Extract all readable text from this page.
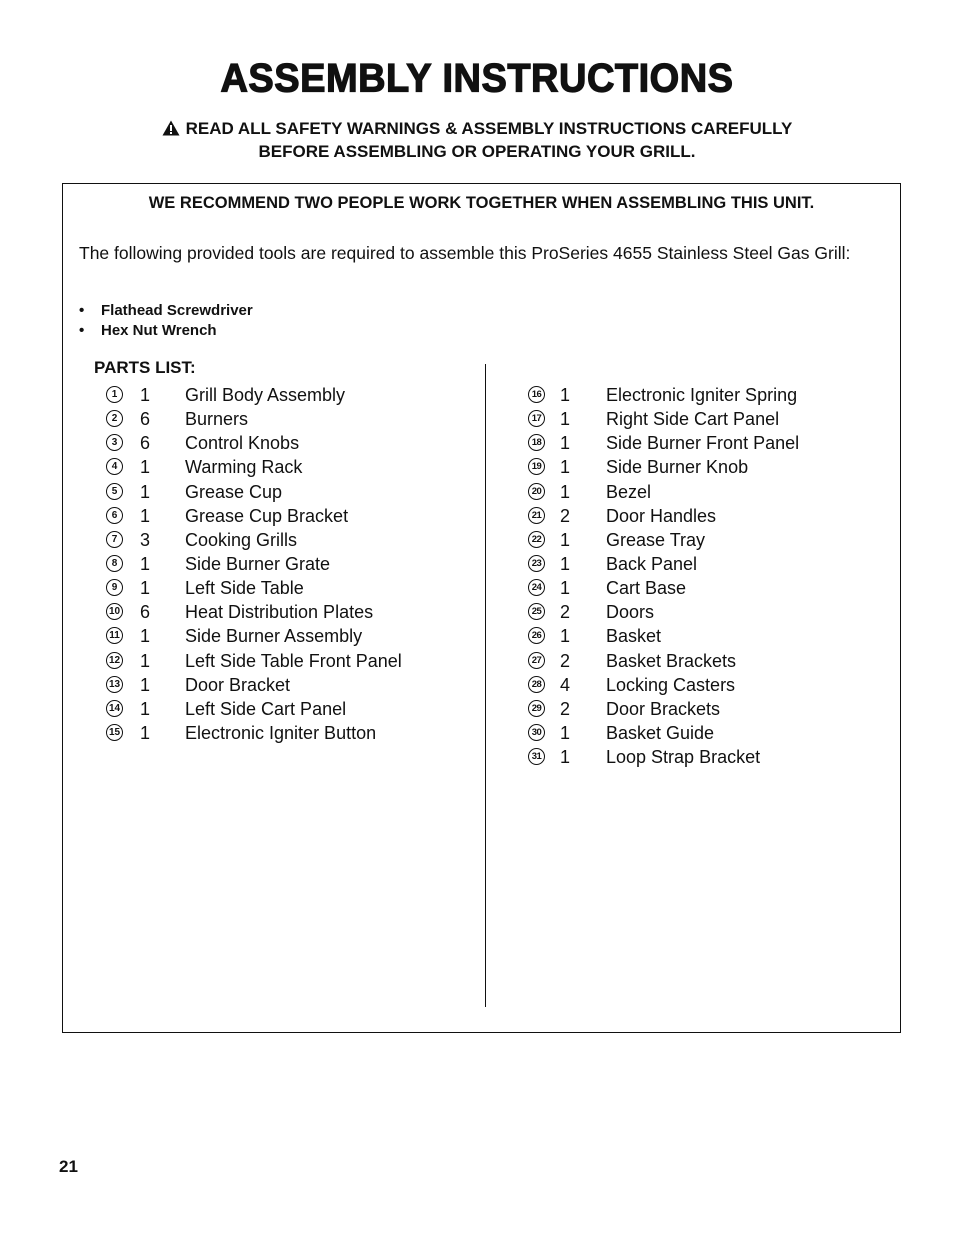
ASSEMBLY INSTRUCTIONS
READ ALL SAFETY WARNINGS & ASSEMBLY INSTRUCTIONS CAREFULLY
BEFORE ASSEMBLING OR OPERATING YOUR GRILL.
WE RECOMMEND TWO PEOPLE WORK TOGETHER WHEN ASSEMBLING THIS UNIT.
The following provided tools are required to assemble this ProSeries 4655 Stainless Steel Gas Grill:
• Flathead Screwdriver
• Hex Nut Wrench
PARTS LIST:
1	1 Grill Body Assembly
2	6 Burners
3	6 Control Knobs
4	1 Warming Rack
5	1 Grease Cup
6	1 Grease Cup Bracket
7	3 Cooking Grills
8	1 Side Burner Grate
9	1 Left Side Table
10 6 Heat Distribution Plates
11 1 Side Burner Assembly
12 1 Left Side Table Front Panel
13 1 Door Bracket
14 1 Left Side Cart Panel
15 1 Electronic Igniter Button
16 1 Electronic Igniter Spring
17 1 Right Side Cart Panel
18 1 Side Burner Front Panel
19 1 Side Burner Knob
20 1 Bezel
21 2 Door Handles
22 1 Grease Tray
23 1 Back Panel
24 1 Cart Base
25 2 Doors
26 1 Basket
27 2 Basket Brackets
28 4 Locking Casters
29 2 Door Brackets
30 1 Basket Guide
31 1 Loop Strap Bracket
21
